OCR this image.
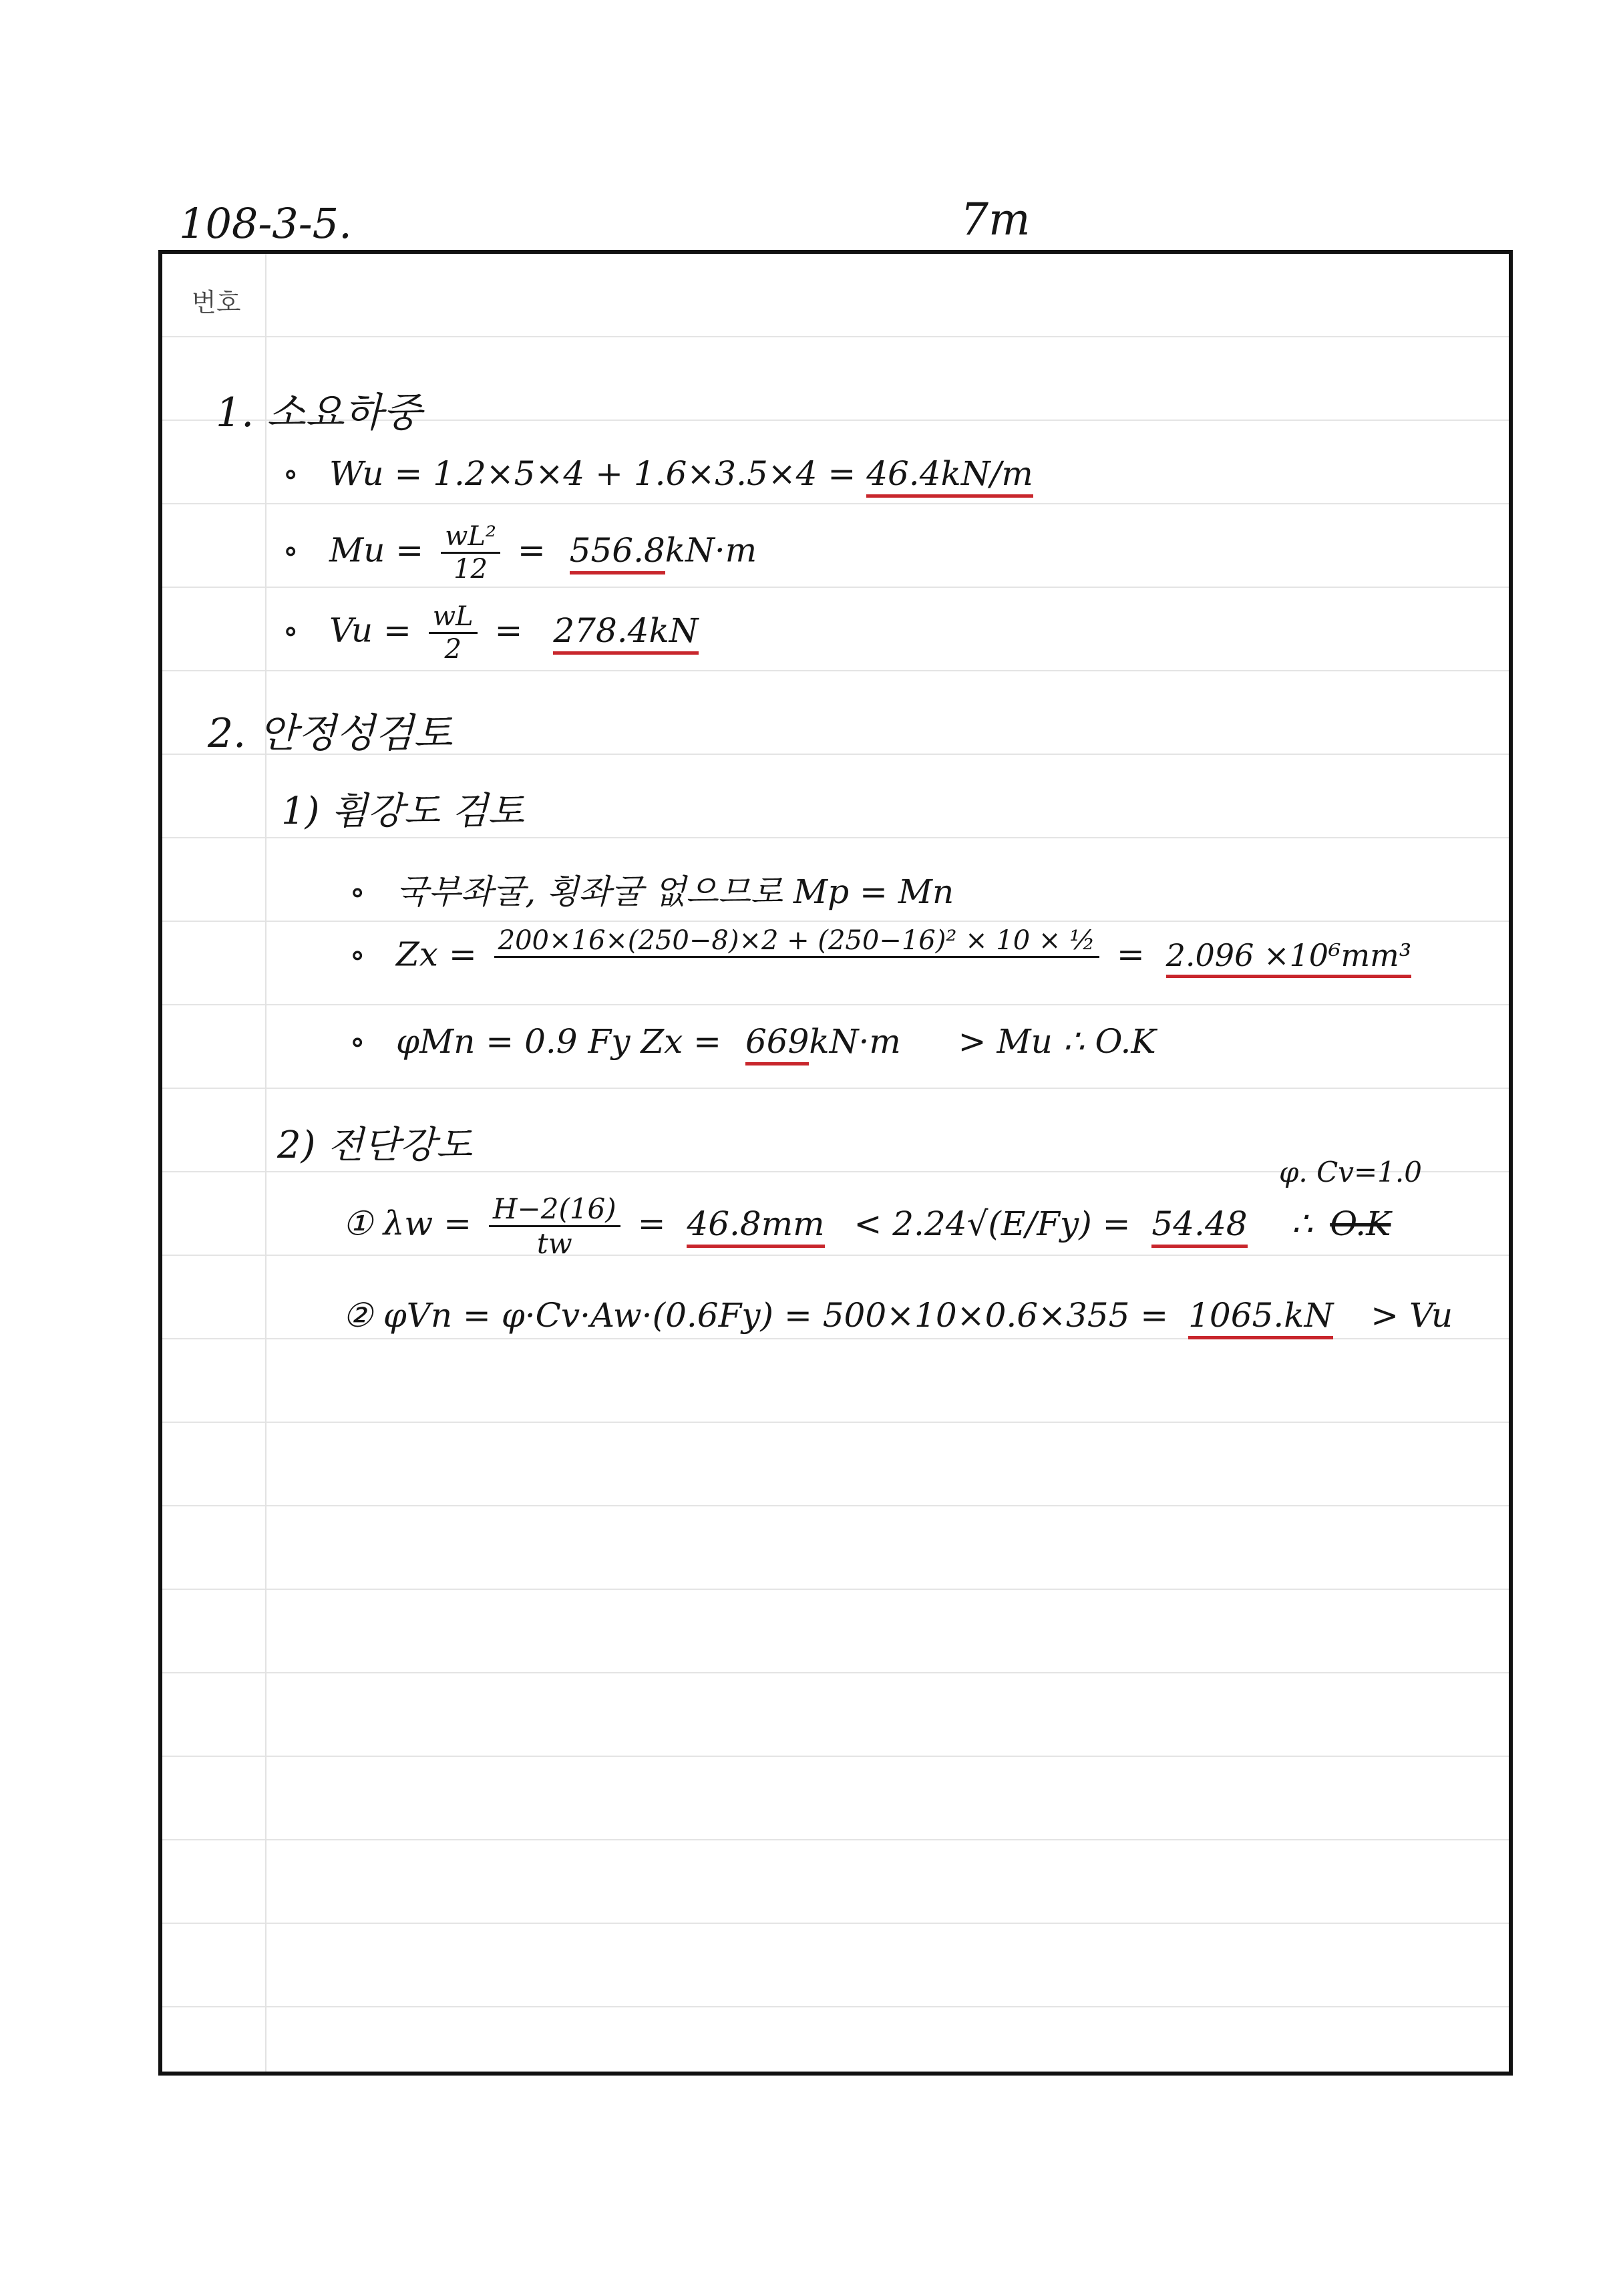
108-3-5.	7m
번호
1. 소요하중
∘ Wu = 1.2×5×4 + 1.6×3.5×4 = 46.4kN/m
∘ $Mu = \frac{\text{wL²}}{12} = 556.8kN\cdot m$
∘ $Vu = \frac{wL}{2} = 278.4kN$
2. 안정성검토
1) 휨강도 검토
∘ 국부좌굴, 횡좌굴 없으므로 Mp = Mn
∘ Zx = 200×16×(250−8)×2 + (250−16)² × 10 × ½
= 2.096 ×10⁶mm³
∘ φMn = 0.9 Fy Zx = 669kN·m > Mu ∴ O.K
2) 전단강도
φ. Cv=1.0
① $\lambda w = \frac{H-2(16)}{tw} = 46.8mm < 2.24√(E/Fy) = 54.48$ ∴ O.K
② φVn = φ·Cv·Aw·(0.6Fy) = 500×10×0.6×355 = 1065.kN > Vu
